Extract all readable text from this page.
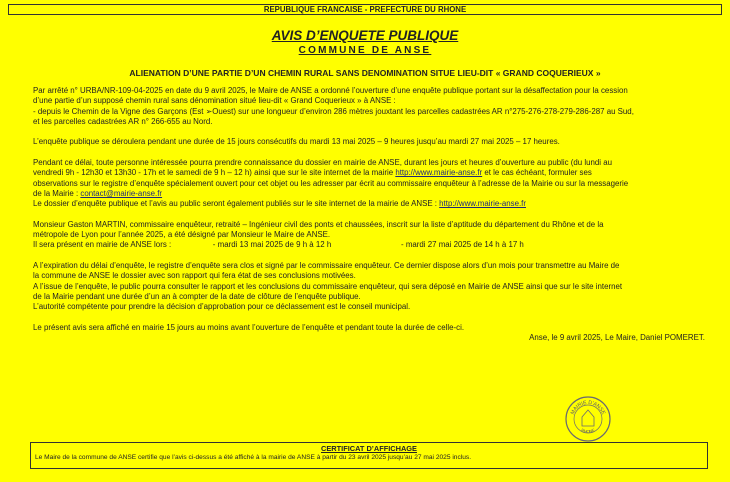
REPUBLIQUE FRANCAISE - PREFECTURE DU RHONE
AVIS D’ENQUETE PUBLIQUE
COMMUNE DE ANSE
ALIENATION D’UNE PARTIE D’UN CHEMIN RURAL SANS DENOMINATION SITUE LIEU-DIT « GRAND COQUERIEUX »

Par arrêté n° URBA/NR-109-04-2025 en date du 9 avril 2025, le Maire de ANSE a ordonné l’ouverture d’une enquête publique portant sur la désaffectation pour la cession
d’une partie d’un supposé chemin rural sans dénomination situé lieu-dit « Grand Coquerieux » à ANSE :
- depuis le Chemin de la Vigne des Garçons (Est ➢Ouest) sur une longueur d’environ 286 mètres jouxtant les parcelles cadastrées AR n°275-276-278-279-286-287 au Sud,
et les parcelles cadastrées AR n° 266-655 au Nord.

L’enquête publique se déroulera pendant une durée de 15 jours consécutifs du mardi 13 mai 2025 – 9 heures jusqu’au mardi 27 mai 2025 – 17 heures.

Pendant ce délai, toute personne intéressée pourra prendre connaissance du dossier en mairie de ANSE, durant les jours et heures d’ouverture au public (du lundi au
vendredi 9h - 12h30 et 13h30 - 17h et le samedi de 9 h – 12 h) ainsi que sur le site internet de la mairie http://www.mairie-anse.fr et le cas échéant, formuler ses
observations sur le registre d’enquête spécialement ouvert pour cet objet ou les adresser par écrit au commissaire enquêteur à l’adresse de la Mairie ou sur la messagerie
de la Mairie : contact@mairie-anse.fr

Le dossier d’enquête publique et l’avis au public seront également publiés sur le site internet de la mairie de ANSE : http://www.mairie-anse.fr

Monsieur Gaston MARTIN, commissaire enquêteur, retraité – Ingénieur civil des ponts et chaussées, inscrit sur la liste d’aptitude du département du Rhône et de la
métropole de Lyon pour l’année 2025, a été désigné par Monsieur le Maire de ANSE.

Il sera présent en mairie de ANSE lors :                   - mardi 13 mai 2025 de 9 h à 12 h	- mardi 27 mai 2025 de 14 h à 17 h

A l’expiration du délai d’enquête, le registre d’enquête sera clos et signé par le commissaire enquêteur. Ce dernier dispose alors d’un mois pour transmettre au Maire de
la commune de ANSE le dossier avec son rapport qui fera état de ses conclusions motivées.
A l’issue de l’enquête, le public pourra consulter le rapport et les conclusions du commissaire enquêteur, qui sera déposé en Mairie de ANSE ainsi que sur le site internet
de la Mairie pendant une durée d’un an à compter de la date de clôture de l’enquête publique.
L’autorité compétente pour prendre la décision d’approbation pour ce déclassement est le conseil municipal.

Le présent avis sera affiché en mairie 15 jours au moins avant l’ouverture de l’enquête et pendant toute la durée de celle-ci.

Anse, le 9 avril 2025, Le Maire, Daniel POMERET.
MAIRIE D'ANSE
RHONE
CERTIFICAT D’AFFICHAGE
Le Maire de la commune de ANSE certifie que l’avis ci-dessus a été affiché à la mairie de ANSE à partir du 23 avril 2025 jusqu’au 27 mai 2025 inclus.
